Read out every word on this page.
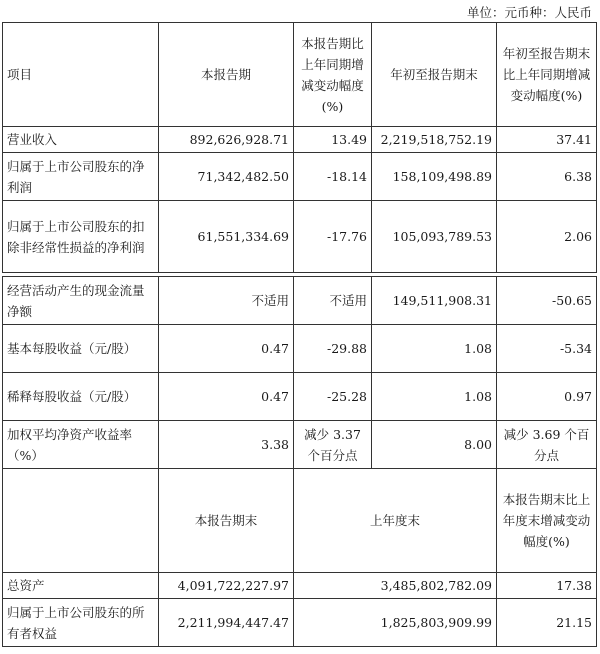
单位：元币种：人民币
项目	本报告期	本报告期比上年同期增减变动幅度(%)	年初至报告期末	年初至报告期末比上年同期增减变动幅度(%)
营业收入	892,626,928.71	13.49	2,219,518,752.19	37.41
归属于上市公司股东的净利润	71,342,482.50	-18.14	158,109,498.89	6.38
归属于上市公司股东的扣除非经常性损益的净利润	61,551,334.69	-17.76	105,093,789.53	2.06

经营活动产生的现金流量净额	不适用	不适用	149,511,908.31	-50.65
基本每股收益（元/股）	0.47	-29.88	1.08	-5.34
稀释每股收益（元/股）	0.47	-25.28	1.08	0.97
加权平均净资产收益率（%）	3.38	减少 3.37 个百分点	8.00	减少 3.69 个百分点
	本报告期末	上年度末		本报告期末比上年度末增减变动幅度(%)
总资产	4,091,722,227.97	3,485,802,782.09		17.38
归属于上市公司股东的所有者权益	2,211,994,447.47	1,825,803,909.99		21.15
